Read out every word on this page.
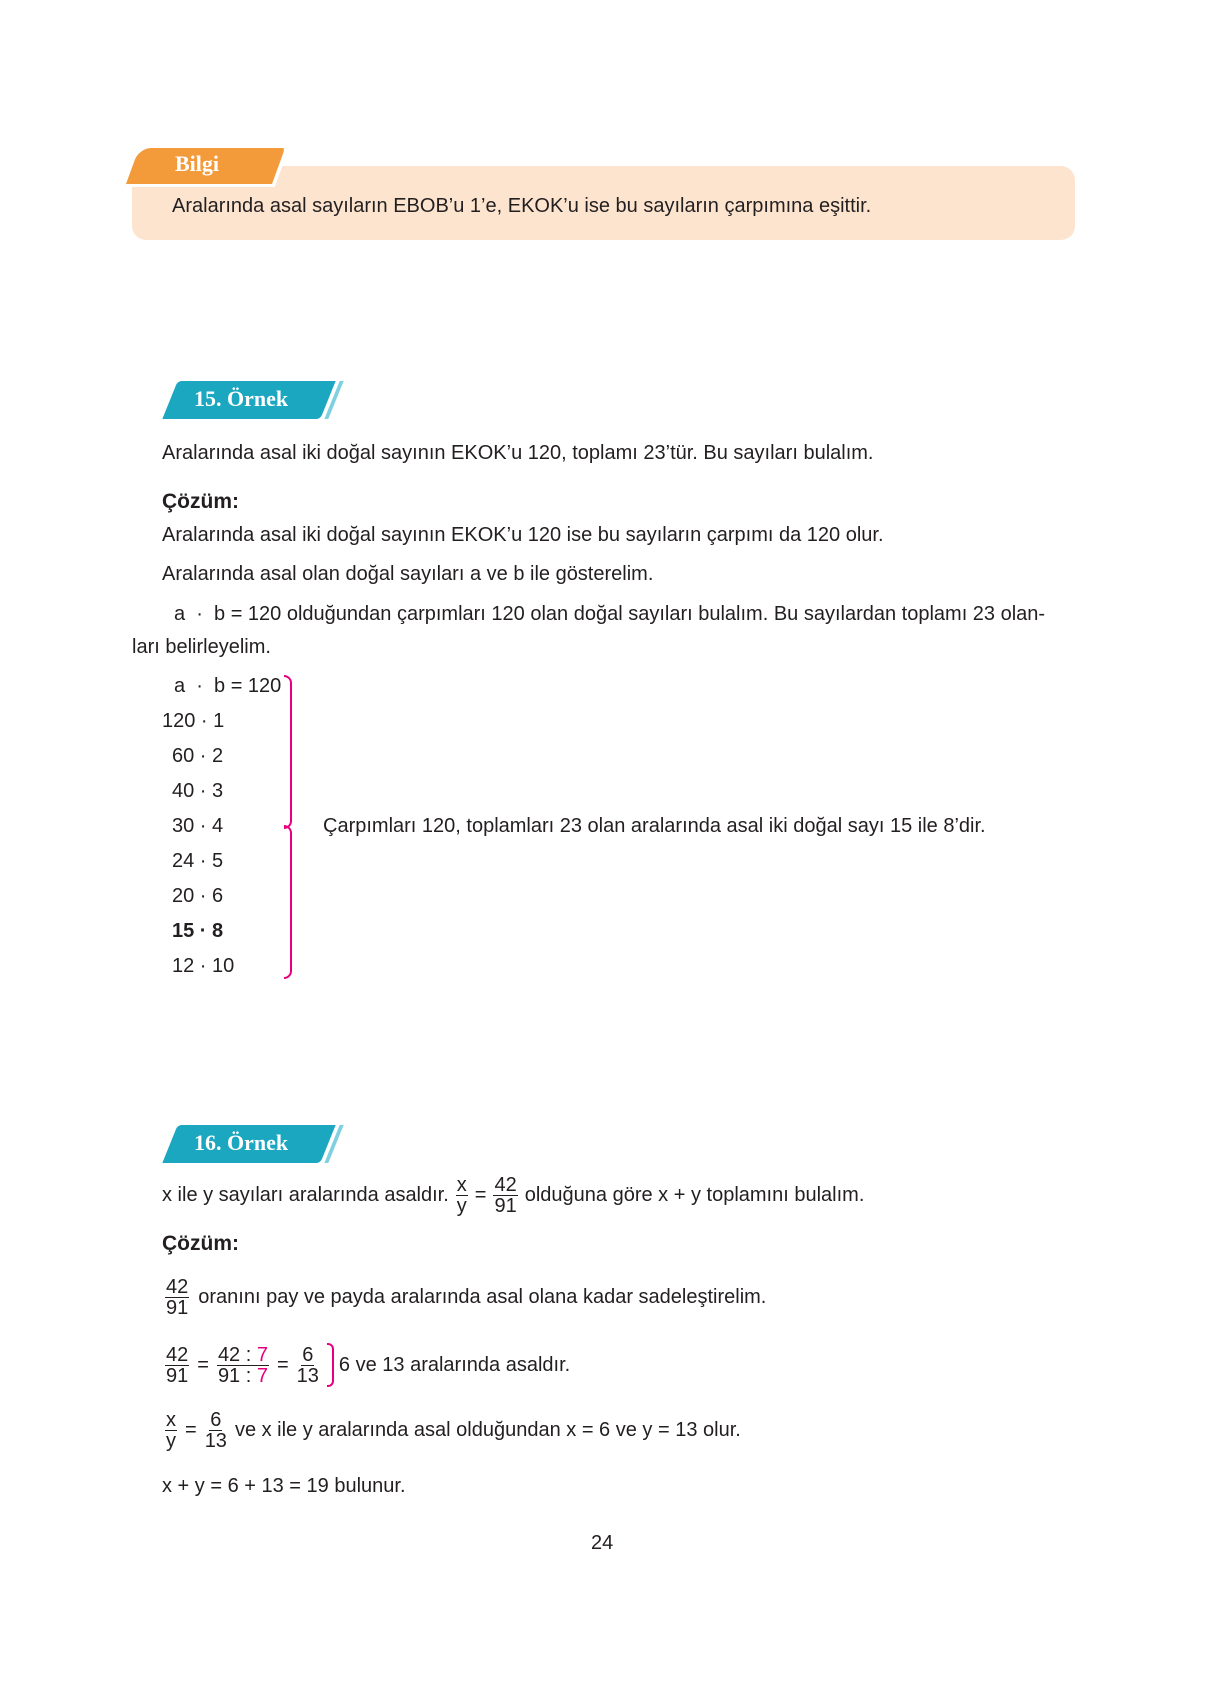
Bilgi
Aralarında asal sayıların EBOB’u 1’e, EKOK’u ise bu sayıların çarpımına eşittir.
15. Örnek
Aralarında asal iki doğal sayının EKOK’u 120, toplamı 23’tür. Bu sayıları bulalım.
Çözüm:
Aralarında asal iki doğal sayının EKOK’u 120 ise bu sayıların çarpımı da 120 olur.
Aralarında asal olan doğal sayıları a ve b ile gösterelim.
a  ·  b = 120 olduğundan çarpımları 120 olan doğal sayıları bulalım. Bu sayılardan toplamı 23 olan-
ları belirleyelim.
a  ·  b = 120
120 · 1
60 · 2
40 · 3
30 · 4
24 · 5
20 · 6
15 · 8
12 · 10
Çarpımları 120, toplamları 23 olan aralarında asal iki doğal sayı 15 ile 8’dir.
16. Örnek
x ile y sayıları aralarında asaldır. $\frac{x}{y} = \frac{42}{91}$ olduğuna göre x + y toplamını bulalım.
Çözüm:
$\frac{42}{91}$ oranını pay ve payda aralarında asal olana kadar sadeleştirelim.
$\frac{42}{91} = \frac{42 : 7}{91 : 7} = \frac{6}{13} 6$ ve 13 aralarında asaldır.
$\frac{x}{y} = \frac{6}{13}$ ve x ile y aralarında asal olduğundan x = 6 ve y = 13 olur.
x + y = 6 + 13 = 19 bulunur.
24
